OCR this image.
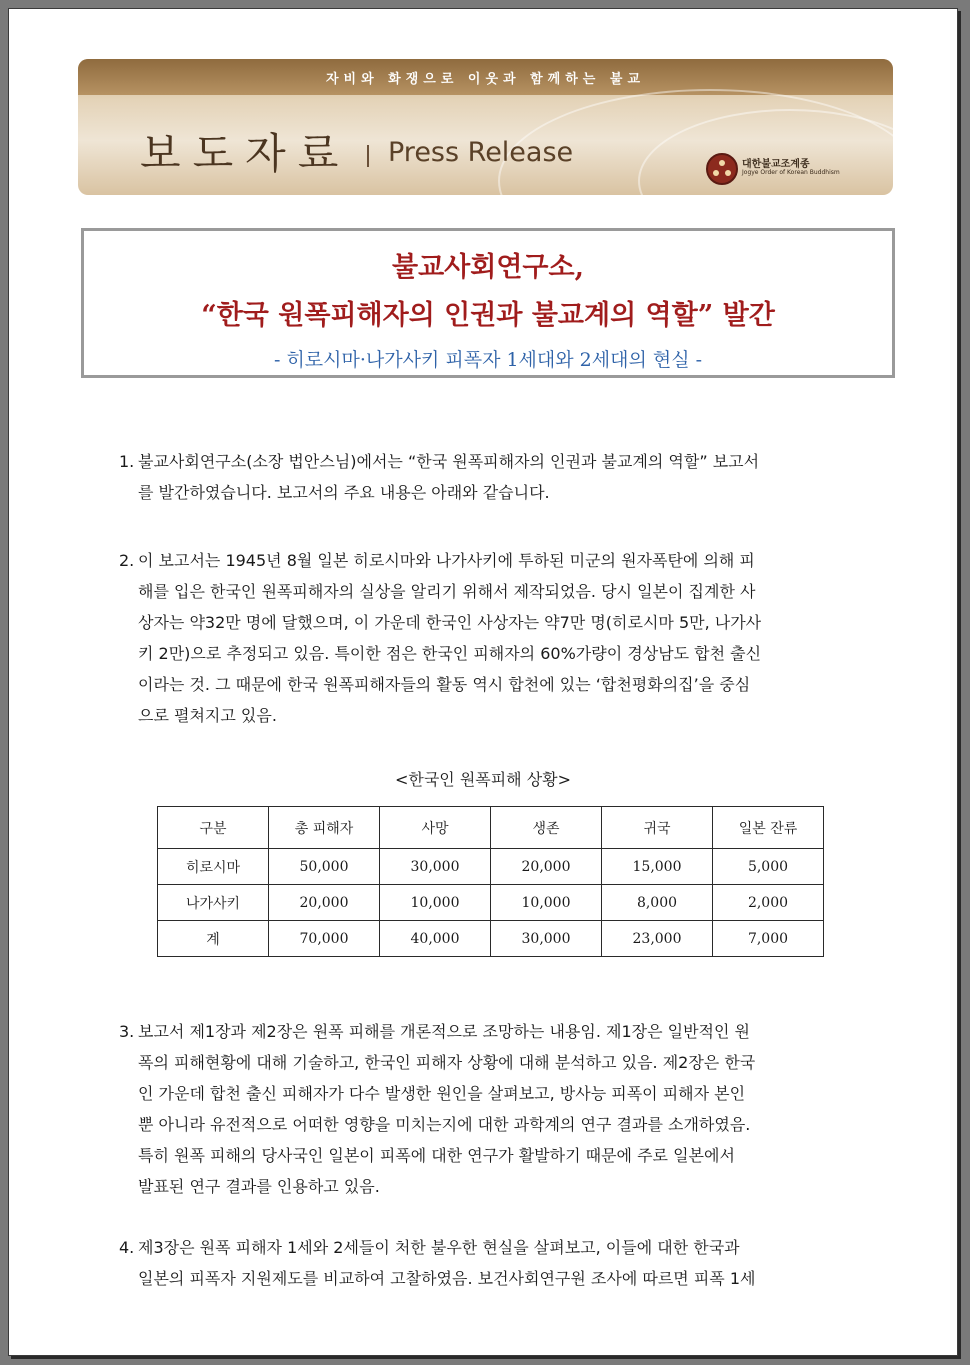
자비와 화쟁으로 이웃과 함께하는 불교
보도자료 Press Release	대한불교조계종
Jogye Order of Korean Buddhism
불교사회연구소,
“한국 원폭피해자의 인권과 불교계의 역할” 발간
- 히로시마·나가사키 피폭자 1세대와 2세대의 현실 -
1. 불교사회연구소(소장 법안스님)에서는 “한국 원폭피해자의 인권과 불교계의 역할” 보고서
를 발간하였습니다. 보고서의 주요 내용은 아래와 같습니다.
2. 이 보고서는 1945년 8월 일본 히로시마와 나가사키에 투하된 미군의 원자폭탄에 의해 피
해를 입은 한국인 원폭피해자의 실상을 알리기 위해서 제작되었음. 당시 일본이 집계한 사
상자는 약32만 명에 달했으며, 이 가운데 한국인 사상자는 약7만 명(히로시마 5만, 나가사
키 2만)으로 추정되고 있음. 특이한 점은 한국인 피해자의 60%가량이 경상남도 합천 출신
이라는 것. 그 때문에 한국 원폭피해자들의 활동 역시 합천에 있는 ‘합천평화의집’을 중심
으로 펼쳐지고 있음.
<한국인 원폭피해 상황>
구분	총 피해자	사망	생존	귀국	일본 잔류
히로시마	50,000	30,000	20,000	15,000	5,000
나가사키	20,000	10,000	10,000	8,000	2,000
계	70,000	40,000	30,000	23,000	7,000
3. 보고서 제1장과 제2장은 원폭 피해를 개론적으로 조망하는 내용임. 제1장은 일반적인 원
폭의 피해현황에 대해 기술하고, 한국인 피해자 상황에 대해 분석하고 있음. 제2장은 한국
인 가운데 합천 출신 피해자가 다수 발생한 원인을 살펴보고, 방사능 피폭이 피해자 본인
뿐 아니라 유전적으로 어떠한 영향을 미치는지에 대한 과학계의 연구 결과를 소개하였음.
특히 원폭 피해의 당사국인 일본이 피폭에 대한 연구가 활발하기 때문에 주로 일본에서
발표된 연구 결과를 인용하고 있음.
4. 제3장은 원폭 피해자 1세와 2세들이 처한 불우한 현실을 살펴보고, 이들에 대한 한국과
일본의 피폭자 지원제도를 비교하여 고찰하였음. 보건사회연구원 조사에 따르면 피폭 1세
